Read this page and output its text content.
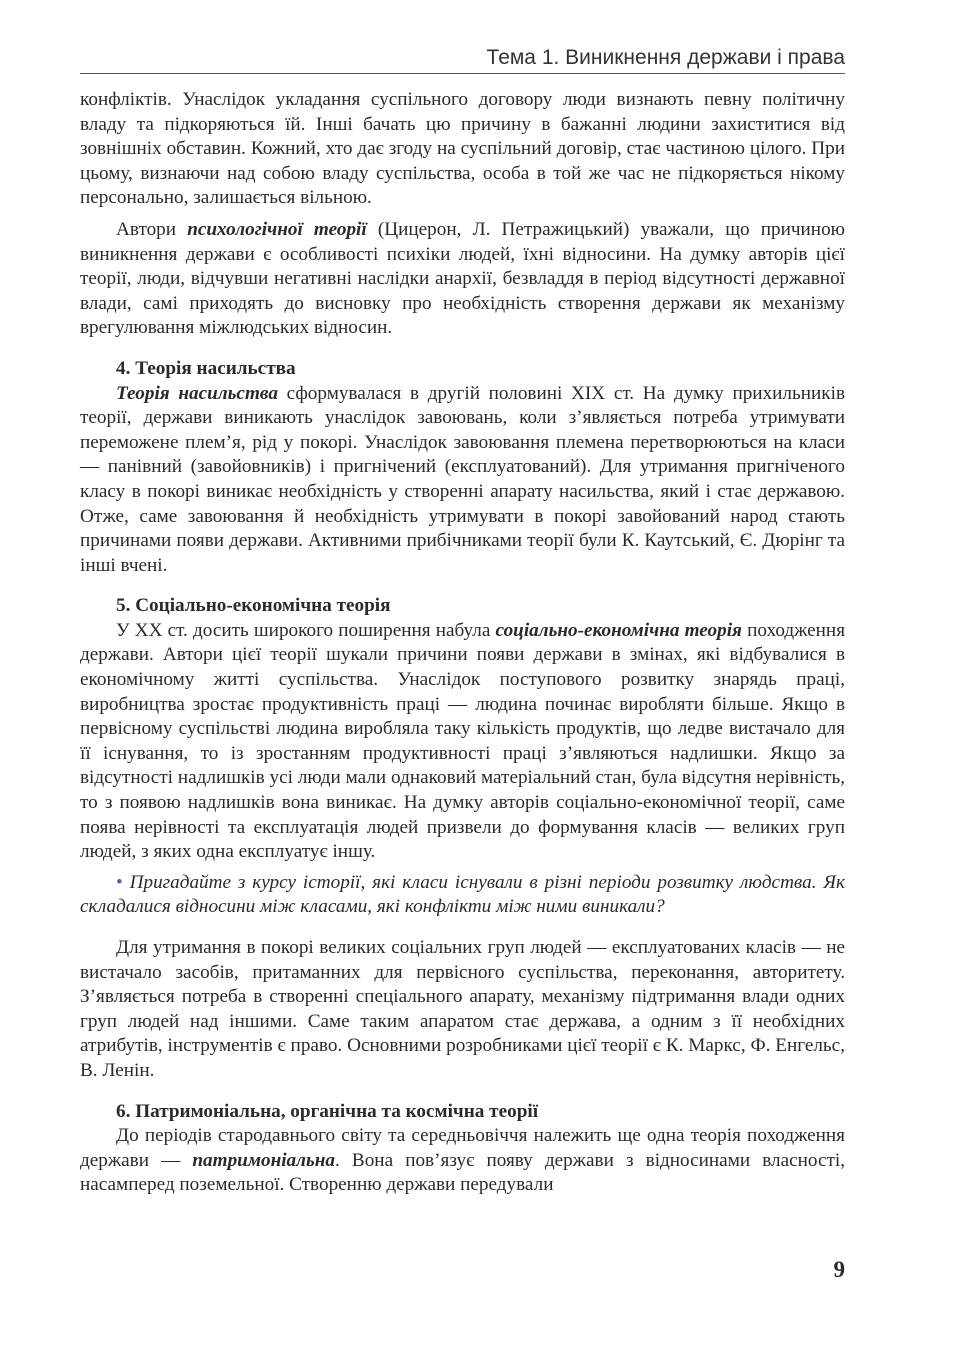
Тема 1. Виникнення держави і права

конфліктів. Унаслідок укладання суспільного договору люди визнають певну політичну владу та підкоряються їй. Інші бачать цю причину в бажанні людини захиститися від зовнішніх обставин. Кожний, хто дає згоду на суспільний договір, стає частиною цілого. При цьому, визнаючи над собою владу суспільства, особа в той же час не підкоряється нікому персонально, залишається вільною.

Автори психологічної теорії (Цицерон, Л. Петражицький) уважали, що причиною виникнення держави є особливості психіки людей, їхні відносини. На думку авторів цієї теорії, люди, відчувши негативні наслідки анархії, безвладдя в період відсутності державної влади, самі приходять до висновку про необхідність створення держави як механізму врегулювання міжлюдських відносин.

4. Теорія насильства

Теорія насильства сформувалася в другій половині XIX ст. На думку прихильників теорії, держави виникають унаслідок завоювань, коли з’являється потреба утримувати переможене плем’я, рід у покорі. Унаслідок завоювання племена перетворюються на класи — панівний (завойовників) і пригнічений (експлуатований). Для утримання пригніченого класу в покорі виникає необхідність у створенні апарату насильства, який і стає державою. Отже, саме завоювання й необхідність утримувати в покорі завойований народ стають причинами появи держави. Активними прибічниками теорії були К. Каутський, Є. Дюрінг та інші вчені.

5. Соціально-економічна теорія

У XX ст. досить широкого поширення набула соціально-економічна теорія походження держави. Автори цієї теорії шукали причини появи держави в змінах, які відбувалися в економічному житті суспільства. Унаслідок поступового розвитку знарядь праці, виробництва зростає продуктивність праці — людина починає виробляти більше. Якщо в первісному суспільстві людина виробляла таку кількість продуктів, що ледве вистачало для її існування, то із зростанням продуктивності праці з’являються надлишки. Якщо за відсутності надлишків усі люди мали однаковий матеріальний стан, була відсутня нерівність, то з появою надлишків вона виникає. На думку авторів соціально-економічної теорії, саме поява нерівності та експлуатація людей призвели до формування класів — великих груп людей, з яких одна експлуатує іншу.

• Пригадайте з курсу історії, які класи існували в різні періоди розвитку людства. Як складалися відносини між класами, які конфлікти між ними виникали?

Для утримання в покорі великих соціальних груп людей — експлуатованих класів — не вистачало засобів, притаманних для первісного суспільства, переконання, авторитету. З’являється потреба в створенні спеціального апарату, механізму підтримання влади одних груп людей над іншими. Саме таким апаратом стає держава, а одним з її необхідних атрибутів, інструментів є право. Основними розробниками цієї теорії є К. Маркс, Ф. Енгельс, В. Ленін.

6. Патримоніальна, органічна та космічна теорії

До періодів стародавнього світу та середньовіччя належить ще одна теорія походження держави — патримоніальна. Вона пов’язує появу держави з відносинами власності, насамперед поземельної. Створенню держави передували

9
